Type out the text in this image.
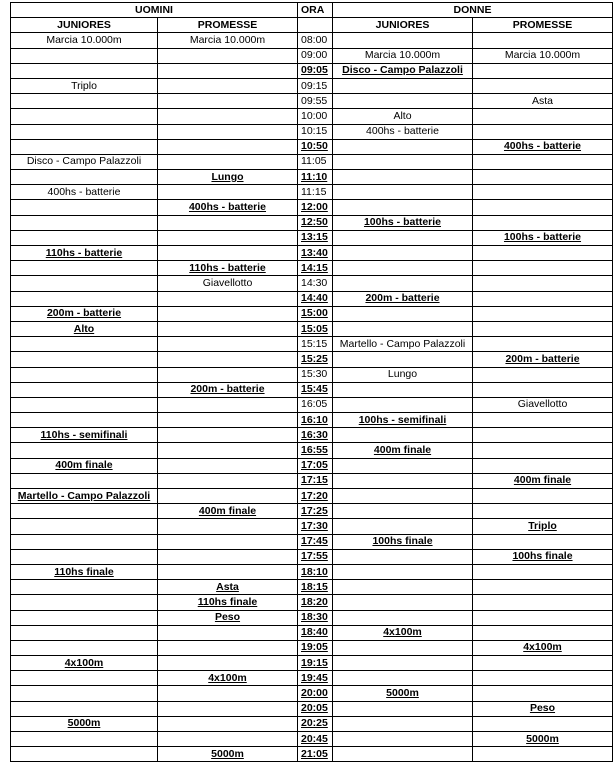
UOMINI		ORA	DONNE	
JUNIORES	PROMESSE		JUNIORES	PROMESSE
Marcia 10.000m	Marcia 10.000m	08:00		
		09:00	Marcia 10.000m	Marcia 10.000m
		09:05	Disco - Campo Palazzoli	
Triplo		09:15		
		09:55		Asta
		10:00	Alto	
		10:15	400hs - batterie	
		10:50		400hs - batterie
Disco - Campo Palazzoli		11:05		
	Lungo	11:10		
400hs - batterie		11:15		
	400hs - batterie	12:00		
		12:50	100hs - batterie	
		13:15		100hs - batterie
110hs - batterie		13:40		
	110hs - batterie	14:15		
	Giavellotto	14:30		
		14:40	200m - batterie	
200m - batterie		15:00		
Alto		15:05		
		15:15	Martello - Campo Palazzoli	
		15:25		200m - batterie
		15:30	Lungo	
	200m - batterie	15:45		
		16:05		Giavellotto
		16:10	100hs - semifinali	
110hs - semifinali		16:30		
		16:55	400m finale	
400m finale		17:05		
		17:15		400m finale
Martello - Campo Palazzoli		17:20		
	400m finale	17:25		
		17:30		Triplo
		17:45	100hs finale	
		17:55		100hs finale
110hs finale		18:10		
	Asta	18:15		
	110hs finale	18:20		
	Peso	18:30		
		18:40	4x100m	
		19:05		4x100m
4x100m		19:15		
	4x100m	19:45		
		20:00	5000m	
		20:05		Peso
5000m		20:25		
		20:45		5000m
	5000m	21:05		
